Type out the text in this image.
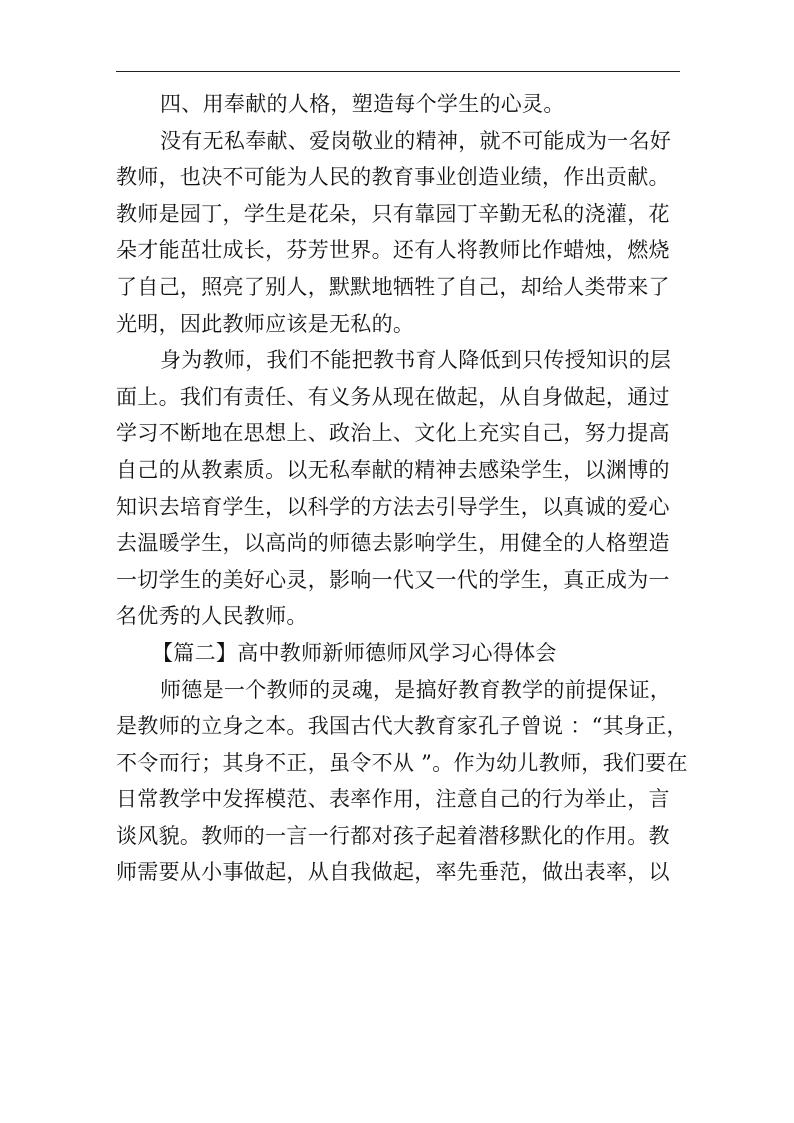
四、用奉献的人格，塑造每个学生的心灵。
没有无私奉献、爱岗敬业的精神，就不可能成为一名好
教师，也决不可能为人民的教育事业创造业绩，作出贡献。
教师是园丁，学生是花朵，只有靠园丁辛勤无私的浇灌，花
朵才能茁壮成长，芬芳世界。还有人将教师比作蜡烛，燃烧
了自己，照亮了别人，默默地牺牲了自己，却给人类带来了
光明，因此教师应该是无私的。
身为教师，我们不能把教书育人降低到只传授知识的层
面上。我们有责任、有义务从现在做起，从自身做起，通过
学习不断地在思想上、政治上、文化上充实自己，努力提高
自己的从教素质。以无私奉献的精神去感染学生，以渊博的
知识去培育学生，以科学的方法去引导学生，以真诚的爱心
去温暖学生，以高尚的师德去影响学生，用健全的人格塑造
一切学生的美好心灵，影响一代又一代的学生，真正成为一
名优秀的人民教师。
【篇二】高中教师新师德师风学习心得体会
师德是一个教师的灵魂，是搞好教育教学的前提保证，
是教师的立身之本。我国古代大教育家孔子曾说 ：“其身正，
不令而行；其身不正，虽令不从 ”。作为幼儿教师，我们要在
日常教学中发挥模范、表率作用，注意自己的行为举止，言
谈风貌。教师的一言一行都对孩子起着潜移默化的作用。教
师需要从小事做起，从自我做起，率先垂范，做出表率，以
